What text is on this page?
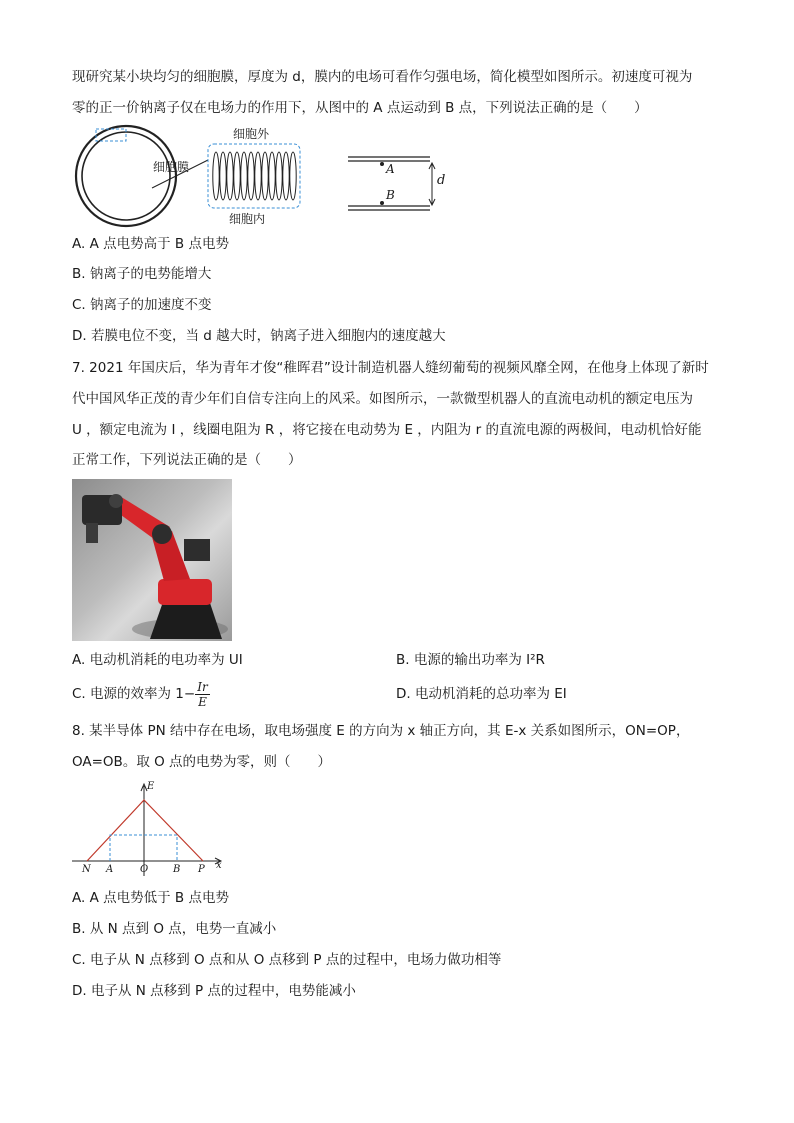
现研究某小块均匀的细胞膜，厚度为 d，膜内的电场可看作匀强电场，简化模型如图所示。初速度可视为
零的正一价钠离子仅在电场力的作用下，从图中的 A 点运动到 B 点，下列说法正确的是（　　）
细胞膜
细胞外
细胞内
A
B
d
A. A 点电势高于 B 点电势
B. 钠离子的电势能增大
C. 钠离子的加速度不变
D. 若膜电位不变，当 d 越大时，钠离子进入细胞内的速度越大
7. 2021 年国庆后，华为青年才俊“稚晖君”设计制造机器人缝纫葡萄的视频风靡全网，在他身上体现了新时
代中国风华正茂的青少年们自信专注向上的风采。如图所示，一款微型机器人的直流电动机的额定电压为
U ，额定电流为 I ，线圈电阻为 R ，将它接在电动势为 E ，内阻为 r 的直流电源的两极间，电动机恰好能
正常工作，下列说法正确的是（　　）
A. 电动机消耗的电功率为 UI	B. 电源的输出功率为 I²R
C. 电源的效率为 $1- \frac{Ir}{E}$	D. 电动机消耗的总功率为 EI
8. 某半导体 PN 结中存在电场，取电场强度 E 的方向为 x 轴正方向，其 E-x 关系如图所示，ON=OP，
OA=OB。取 O 点的电势为零，则（　　）
E
x
N A	O B P
A. A 点电势低于 B 点电势
B. 从 N 点到 O 点，电势一直减小
C. 电子从 N 点移到 O 点和从 O 点移到 P 点的过程中，电场力做功相等
D. 电子从 N 点移到 P 点的过程中，电势能减小
